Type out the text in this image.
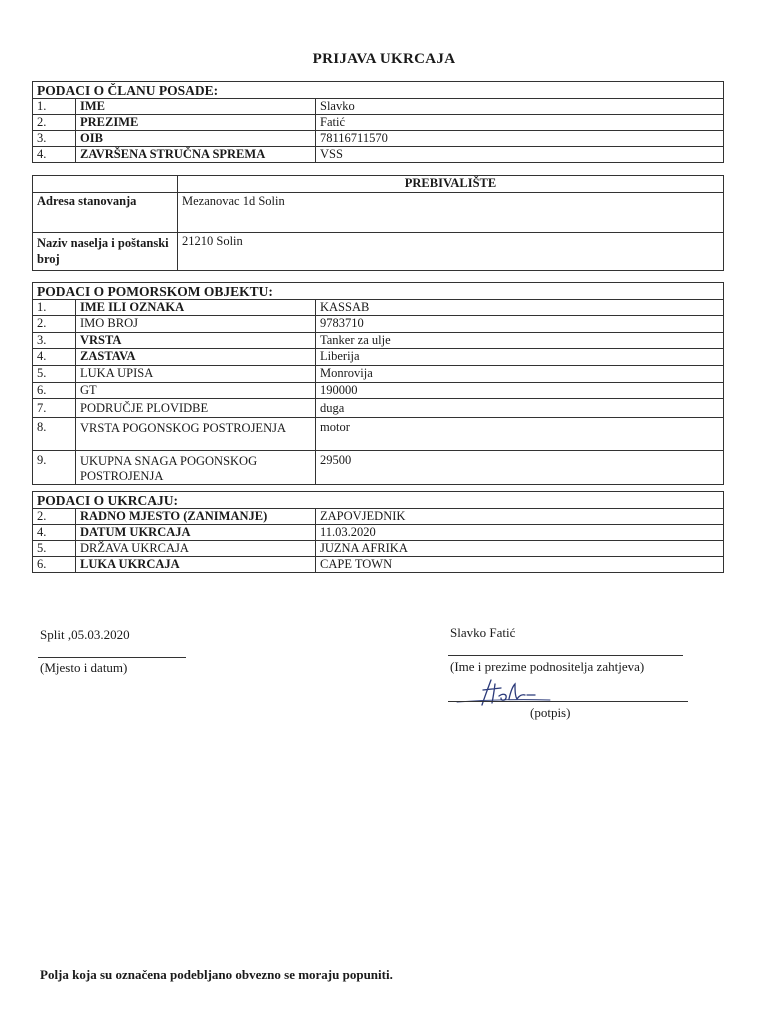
PRIJAVA UKRCAJA
PODACI O ČLANU POSADE:		
1.	IME	Slavko
2.	PREZIME	Fatić
3.	OIB	78116711570
4.	ZAVRŠENA STRUČNA SPREMA	VSS
	PREBIVALIŠTE
Adresa stanovanja	Mezanovac 1d Solin
Naziv naselja i poštanski broj	21210 Solin
PODACI O POMORSKOM OBJEKTU:		
1.	IME ILI OZNAKA	KASSAB
2.	IMO BROJ	9783710
3.	VRSTA	Tanker za ulje
4.	ZASTAVA	Liberija
5.	LUKA UPISA	Monrovija
6.	GT	190000
7.	PODRUČJE PLOVIDBE	duga
8.	VRSTA POGONSKOG POSTROJENJA	motor
9.	UKUPNA SNAGA POGONSKOG POSTROJENJA	29500
PODACI O UKRCAJU:		
2.	RADNO MJESTO (ZANIMANJE)	ZAPOVJEDNIK
4.	DATUM UKRCAJA	11.03.2020
5.	DRŽAVA UKRCAJA	JUZNA AFRIKA
6.	LUKA UKRCAJA	CAPE TOWN
Split ,05.03.2020
(Mjesto i datum)
Slavko Fatić
(Ime i prezime podnositelja zahtjeva)
(potpis)
Polja koja su označena podebljano obvezno se moraju popuniti.
